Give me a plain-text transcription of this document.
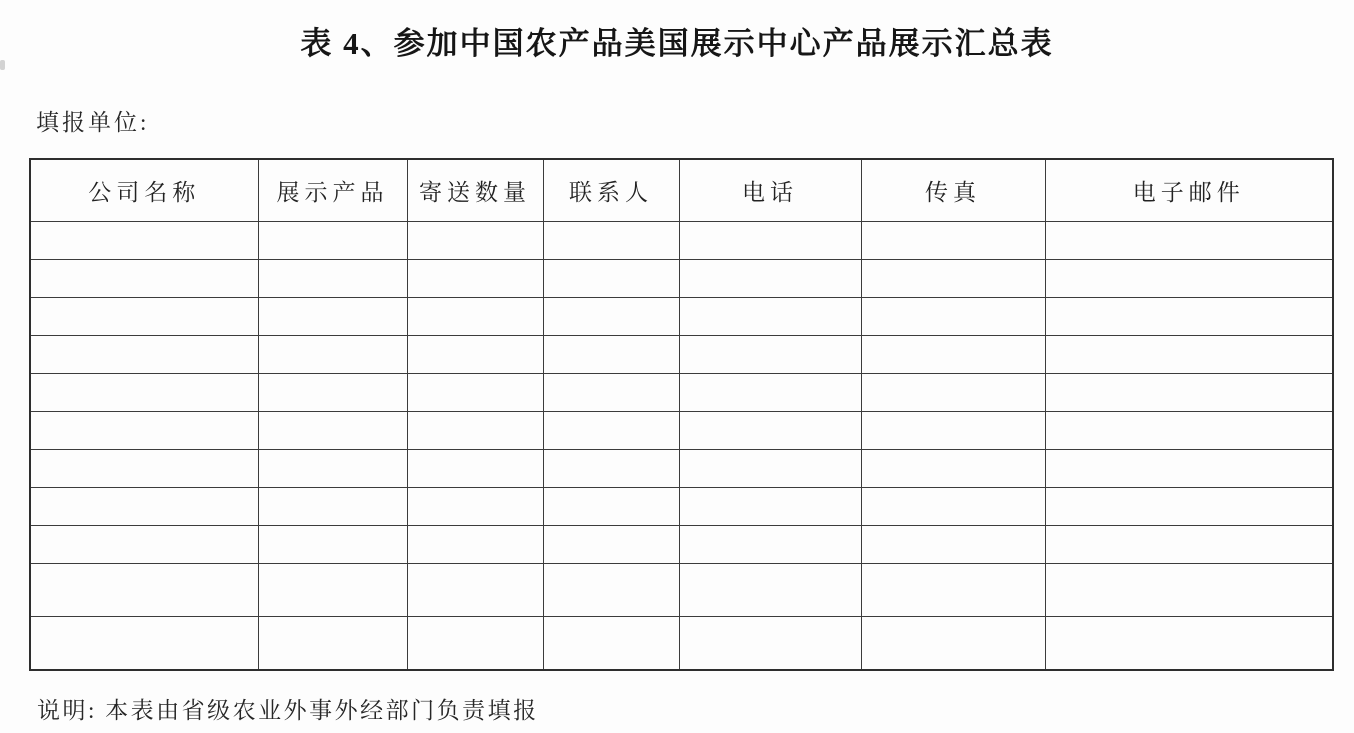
表 4、参加中国农产品美国展示中心产品展示汇总表
填报单位:
公司名称	展示产品	寄送数量	联系人	电话	传真	电子邮件

说明: 本表由省级农业外事外经部门负责填报
